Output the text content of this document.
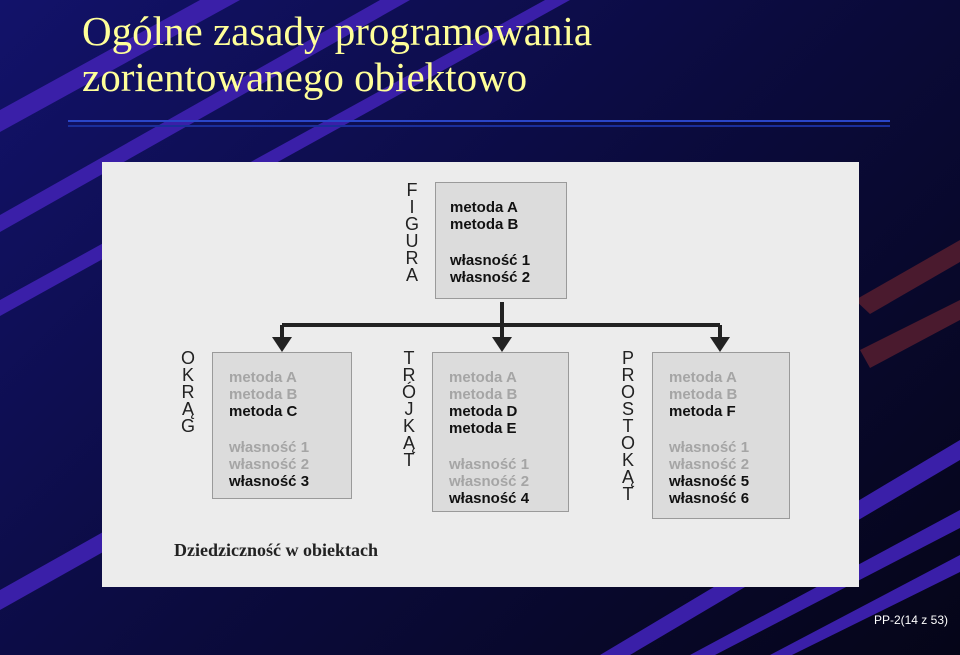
Ogólne zasady programowania
zorientowanego obiektowo
F
I
G
U
R
A
metoda A
metoda B
własność 1
własność 2
O
K
R
Ą
G
metoda A
metoda B
metoda C
własność 1
własność 2
własność 3
T
R
Ó
J
K
Ą
T
metoda A
metoda B
metoda D
metoda E
własność 1
własność 2
własność 4
P
R
O
S
T
O
K
Ą
T
metoda A
metoda B
metoda F
własność 1
własność 2
własność 5
własność 6
Dziedziczność w obiektach
PP-2(14 z 53)
